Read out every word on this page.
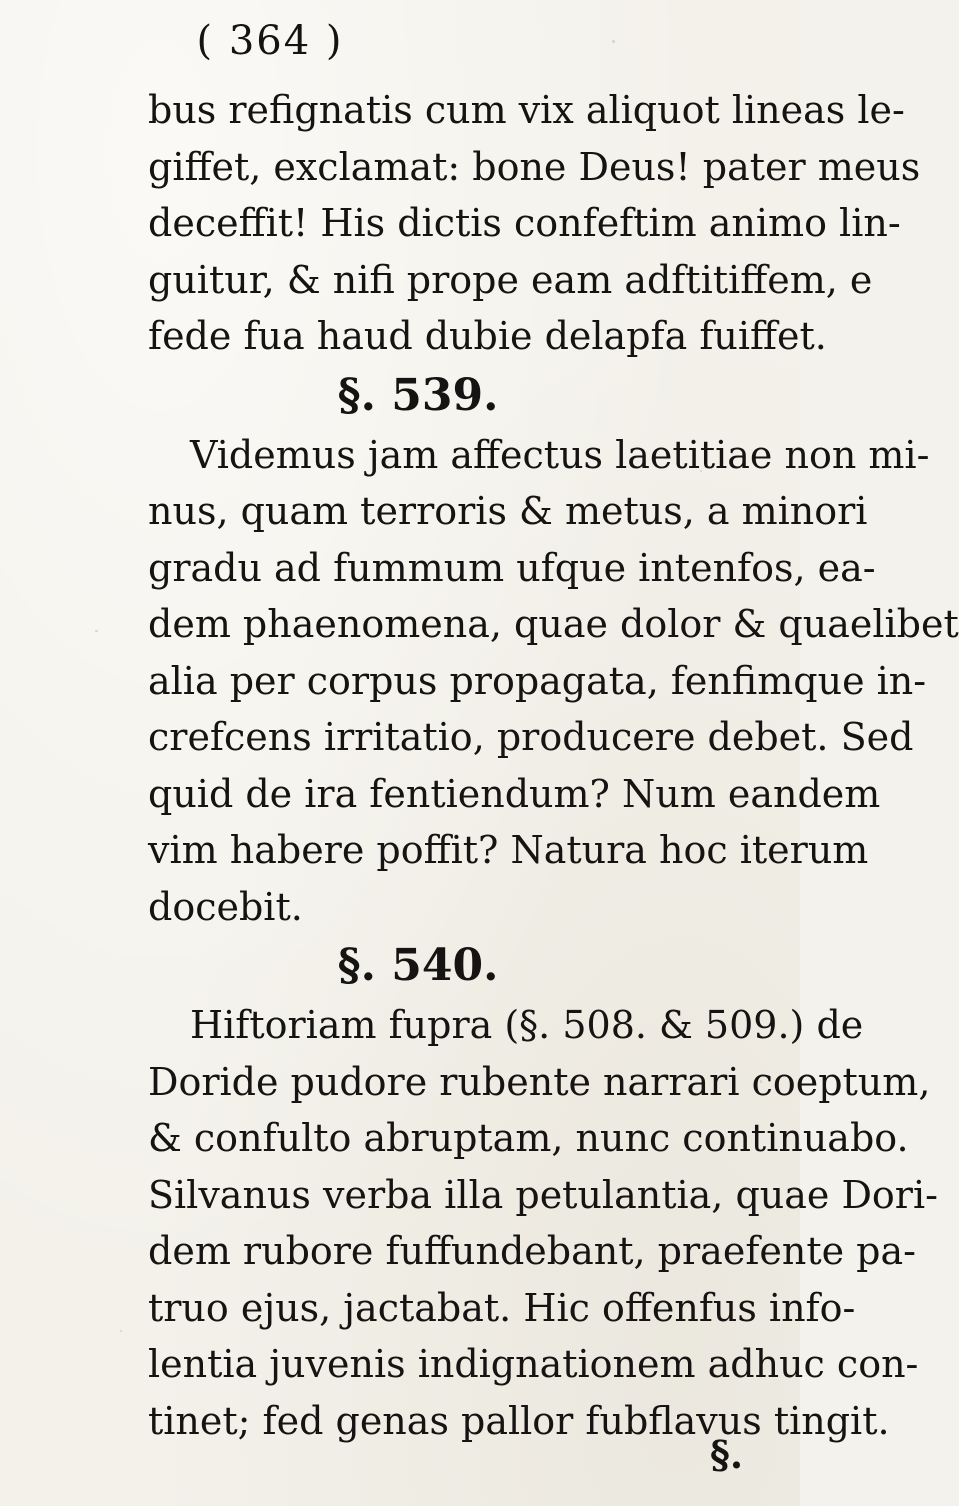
( 364 )
bus refignatis cum vix aliquot lineas le-
giffet, exclamat: bone Deus! pater meus
deceffit! His dictis confeftim animo lin-
guitur, & nifi prope eam adftitiffem, e
fede fua haud dubie delapfa fuiffet.
§. 539.
Videmus jam affectus laetitiae non mi-
nus, quam terroris & metus, a minori
gradu ad fummum ufque intenfos, ea-
dem phaenomena, quae dolor & quaelibet
alia per corpus propagata, fenfimque in-
crefcens irritatio, producere debet. Sed
quid de ira fentiendum? Num eandem
vim habere poffit? Natura hoc iterum
docebit.
§. 540.
Hiftoriam fupra (§. 508. & 509.) de
Doride pudore rubente narrari coeptum,
& confulto abruptam, nunc continuabo.
Silvanus verba illa petulantia, quae Dori-
dem rubore fuffundebant, praefente pa-
truo ejus, jactabat. Hic offenfus info-
lentia juvenis indignationem adhuc con-
tinet; fed genas pallor fubflavus tingit.
§.
